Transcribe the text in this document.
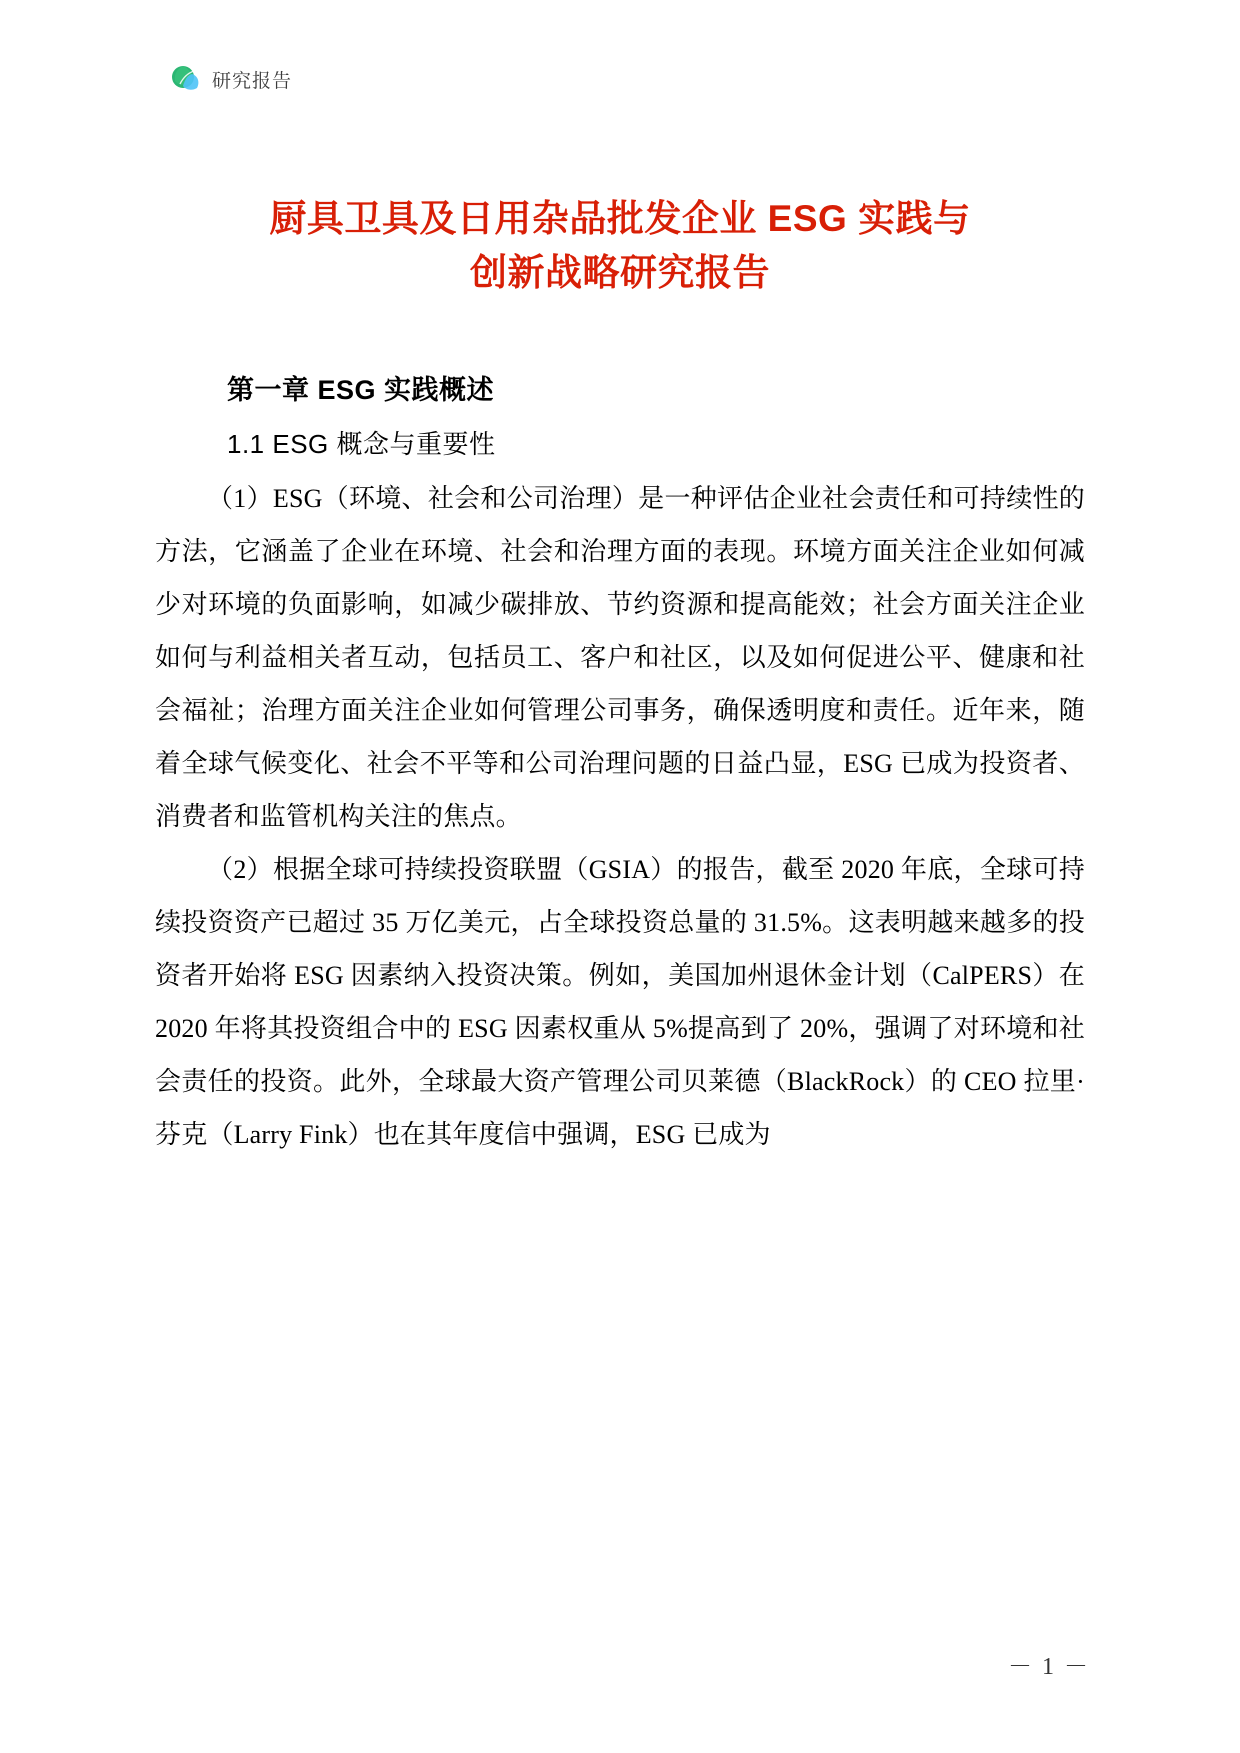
研究报告
厨具卫具及日用杂品批发企业 ESG 实践与
创新战略研究报告
第一章 ESG 实践概述
1.1 ESG 概念与重要性

（1）ESG（环境、社会和公司治理）是一种评估企业社会责任和可持续性的方法，它涵盖了企业在环境、社会和治理方面的表现。环境方面关注企业如何减少对环境的负面影响，如减少碳排放、节约资源和提高能效；社会方面关注企业如何与利益相关者互动，包括员工、客户和社区，以及如何促进公平、健康和社会福祉；治理方面关注企业如何管理公司事务，确保透明度和责任。近年来，随着全球气候变化、社会不平等和公司治理问题的日益凸显，ESG 已成为投资者、消费者和监管机构关注的焦点。

（2）根据全球可持续投资联盟（GSIA）的报告，截至 2020 年底，全球可持续投资资产已超过 35 万亿美元，占全球投资总量的 31.5%。这表明越来越多的投资者开始将 ESG 因素纳入投资决策。例如，美国加州退休金计划（CalPERS）在 2020 年将其投资组合中的 ESG 因素权重从 5%提高到了 20%，强调了对环境和社会责任的投资。此外，全球最大资产管理公司贝莱德（BlackRock）的 CEO 拉里·芬克（Larry Fink）也在其年度信中强调，ESG 已成为

－ 1 －
